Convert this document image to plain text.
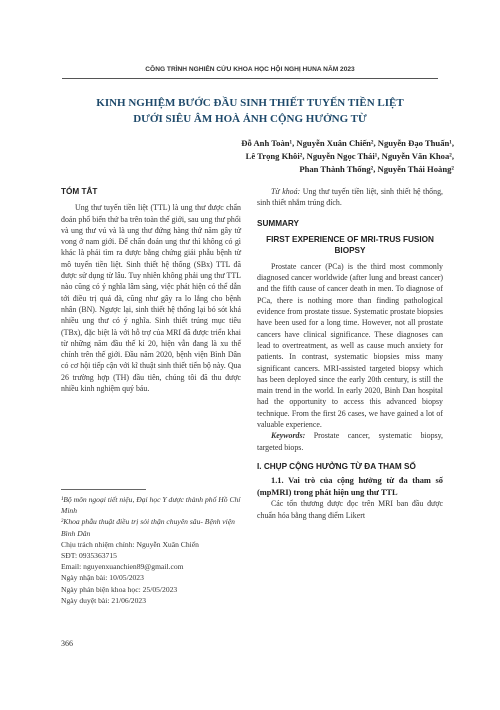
CÔNG TRÌNH NGHIÊN CỨU KHOA HỌC HỘI NGHỊ HUNA NĂM 2023
KINH NGHIỆM BƯỚC ĐẦU SINH THIẾT TUYẾN TIỀN LIỆT
DƯỚI SIÊU ÂM HOÀ ẢNH CỘNG HƯỞNG TỪ
Đỗ Anh Toàn¹, Nguyễn Xuân Chiến², Nguyễn Đạo Thuấn¹,
Lê Trọng Khôi², Nguyễn Ngọc Thái¹, Nguyễn Văn Khoa²,
Phan Thành Thống², Nguyễn Thái Hoàng²
TÓM TẮT

Ung thư tuyến tiền liệt (TTL) là ung thư được chẩn đoán phổ biến thứ ba trên toàn thế giới, sau ung thư phổi và ung thư vú và là ung thư đứng hàng thứ năm gây tử vong ở nam giới. Để chẩn đoán ung thư thì không có gì khác là phải tìm ra được bằng chứng giải phẫu bệnh từ mô tuyến tiền liệt. Sinh thiết hệ thống (SBx) TTL đã được sử dụng từ lâu. Tuy nhiên không phải ung thư TTL nào cũng có ý nghĩa lâm sàng, việc phát hiện có thể dẫn tới điều trị quá đà, cũng như gây ra lo lắng cho bệnh nhân (BN). Ngược lại, sinh thiết hệ thống lại bỏ sót khá nhiều ung thư có ý nghĩa. Sinh thiết trúng mục tiêu (TBx), đặc biệt là với hỗ trợ của MRI đã được triển khai từ những năm đầu thế kỉ 20, hiện vẫn đang là xu thế chính trên thế giới. Đầu năm 2020, bệnh viện Bình Dân có cơ hội tiếp cận với kĩ thuật sinh thiết tiến bộ này. Qua 26 trường hợp (TH) đầu tiên, chúng tôi đã thu được nhiều kinh nghiệm quý báu.

¹Bộ môn ngoại tiết niệu, Đại học Y dược thành phố Hồ Chí Minh
²Khoa phẫu thuật điều trị sỏi thận chuyên sâu- Bệnh viện Bình Dân
Chịu trách nhiệm chính: Nguyễn Xuân Chiến
SĐT: 0935363715
Email: nguyenxuanchien89@gmail.com
Ngày nhận bài: 10/05/2023
Ngày phản biện khoa học: 25/05/2023
Ngày duyệt bài: 21/06/2023
Từ khoá: Ung thư tuyến tiền liệt, sinh thiết hệ thống, sinh thiết nhắm trúng đích.
SUMMARY
FIRST EXPERIENCE OF MRI-TRUS FUSION BIOPSY

Prostate cancer (PCa) is the third most commonly diagnosed cancer worldwide (after lung and breast cancer) and the fifth cause of cancer death in men. To diagnose of PCa, there is nothing more than finding pathological evidence from prostate tissue. Systematic prostate biopsies have been used for a long time. However, not all prostate cancers have clinical significance. These diagnoses can lead to overtreatment, as well as cause much anxiety for patients. In contrast, systematic biopsies miss many significant cancers. MRI-assisted targeted biopsy which has been deployed since the early 20th century, is still the main trend in the world. In early 2020, Binh Dan hospital had the opportunity to access this advanced biopsy technique. From the first 26 cases, we have gained a lot of valuable experience.

Keywords: Prostate cancer, systematic biopsy, targeted biops.
I. CHỤP CỘNG HƯỞNG TỪ ĐA THAM SỐ
1.1. Vai trò của cộng hưởng từ đa tham số (mpMRI) trong phát hiện ung thư TTL

Các tổn thương được đọc trên MRI ban đầu được chuẩn hóa bằng thang điểm Likert

366
